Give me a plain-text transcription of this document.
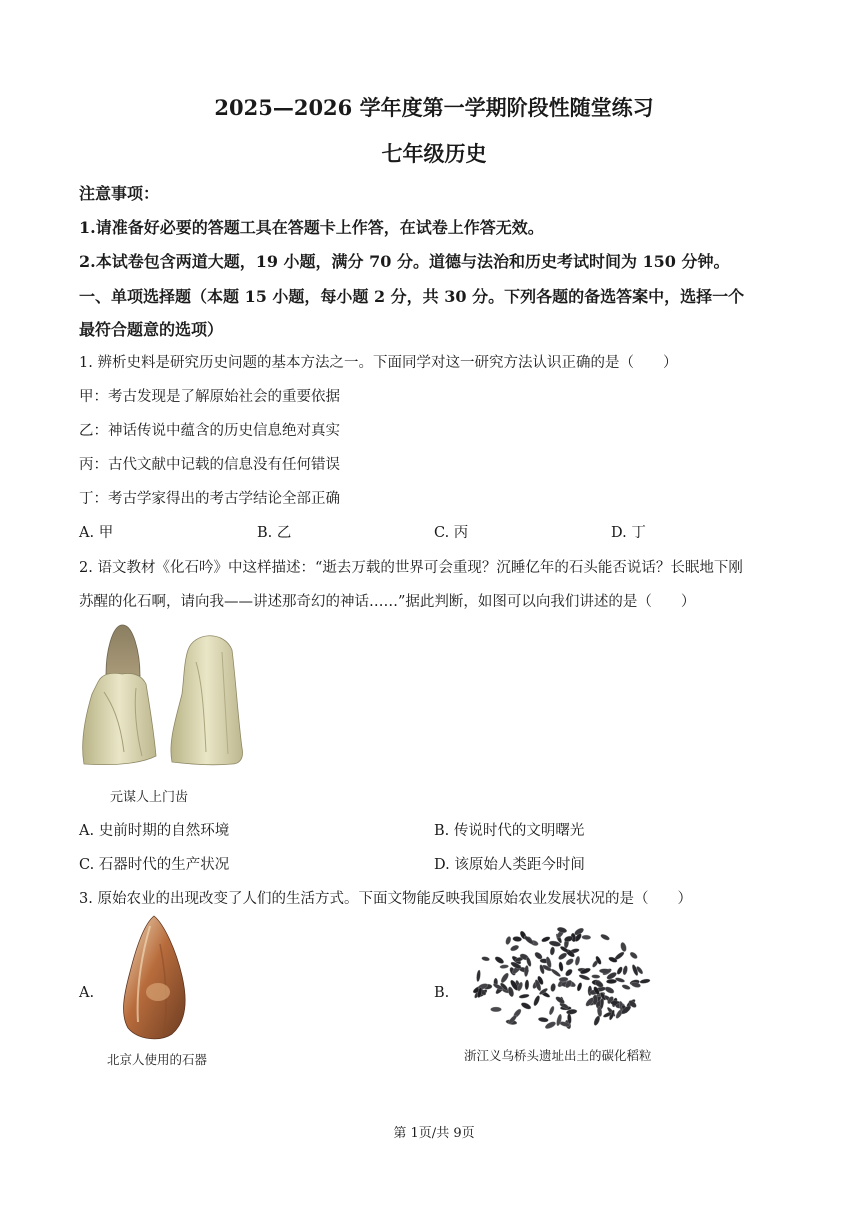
2025—2026 学年度第一学期阶段性随堂练习
七年级历史
注意事项：
1.请准备好必要的答题工具在答题卡上作答，在试卷上作答无效。
2.本试卷包含两道大题，19 小题，满分 70 分。道德与法治和历史考试时间为 150 分钟。
一、单项选择题（本题 15 小题，每小题 2 分，共 30 分。下列各题的备选答案中，选择一个
最符合题意的选项）
1. 辨析史料是研究历史问题的基本方法之一。下面同学对这一研究方法认识正确的是（　　）
甲：考古发现是了解原始社会的重要依据
乙：神话传说中蕴含的历史信息绝对真实
丙：古代文献中记载的信息没有任何错误
丁：考古学家得出的考古学结论全部正确
A. 甲	B. 乙	C. 丙	D. 丁
2. 语文教材《化石吟》中这样描述：“逝去万载的世界可会重现？沉睡亿年的石头能否说话？长眠地下刚
苏醒的化石啊，请向我——讲述那奇幻的神话……”据此判断，如图可以向我们讲述的是（　　）
元谋人上门齿
A. 史前时期的自然环境	B. 传说时代的文明曙光
C. 石器时代的生产状况	D. 该原始人类距今时间
3. 原始农业的出现改变了人们的生活方式。下面文物能反映我国原始农业发展状况的是（　　）
A.
北京人使用的石器
B.
浙江义乌桥头遗址出土的碳化稻粒
第 1页/共 9页
